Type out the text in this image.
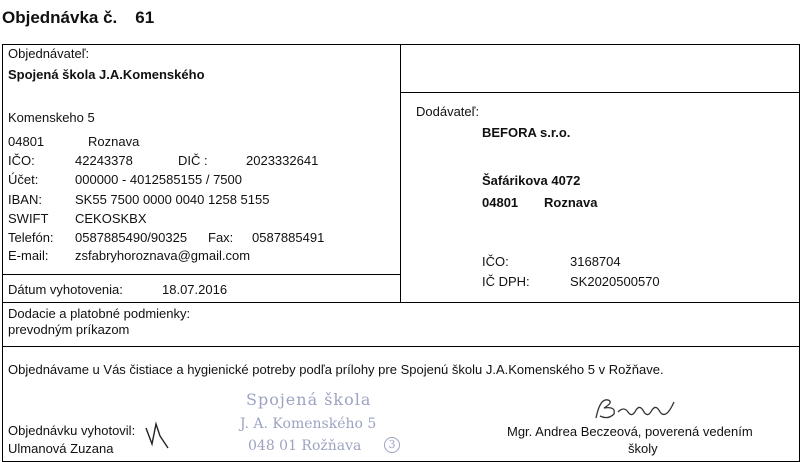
Objednávka č. 61
Objednávateľ:
Spojená škola J.A.Komenského
Komenskeho 5
04801	Roznava
IČO:	42243378	DIČ :	2023332641
Účet:	000000 - 4012585155 / 7500
IBAN:	SK55 7500 0000 0040 1258 5155
SWIFT CEKOSKBX
Telefón: 0587885490/90325 Fax: 0587885491
E-mail: zsfabryhoroznava@gmail.com
Dátum vyhotovenia:	18.07.2016
Dodávateľ:
BEFORA s.r.o.
Šafárikova 4072
04801 Roznava
IČO:	3168704
IČ DPH:	SK2020500570
Dodacie a platobné podmienky:
prevodným príkazom
Objednávame u Vás čistiace a hygienické potreby podľa prílohy pre Spojenú školu J.A.Komenského 5 v Rožňave.
Objednávku vyhotovil:
Ulmanová Zuzana
Spojená škola
J. A. Komenského 5
048 01 Rožňava	3
Mgr. Andrea Beczeová, poverená vedením
školy
